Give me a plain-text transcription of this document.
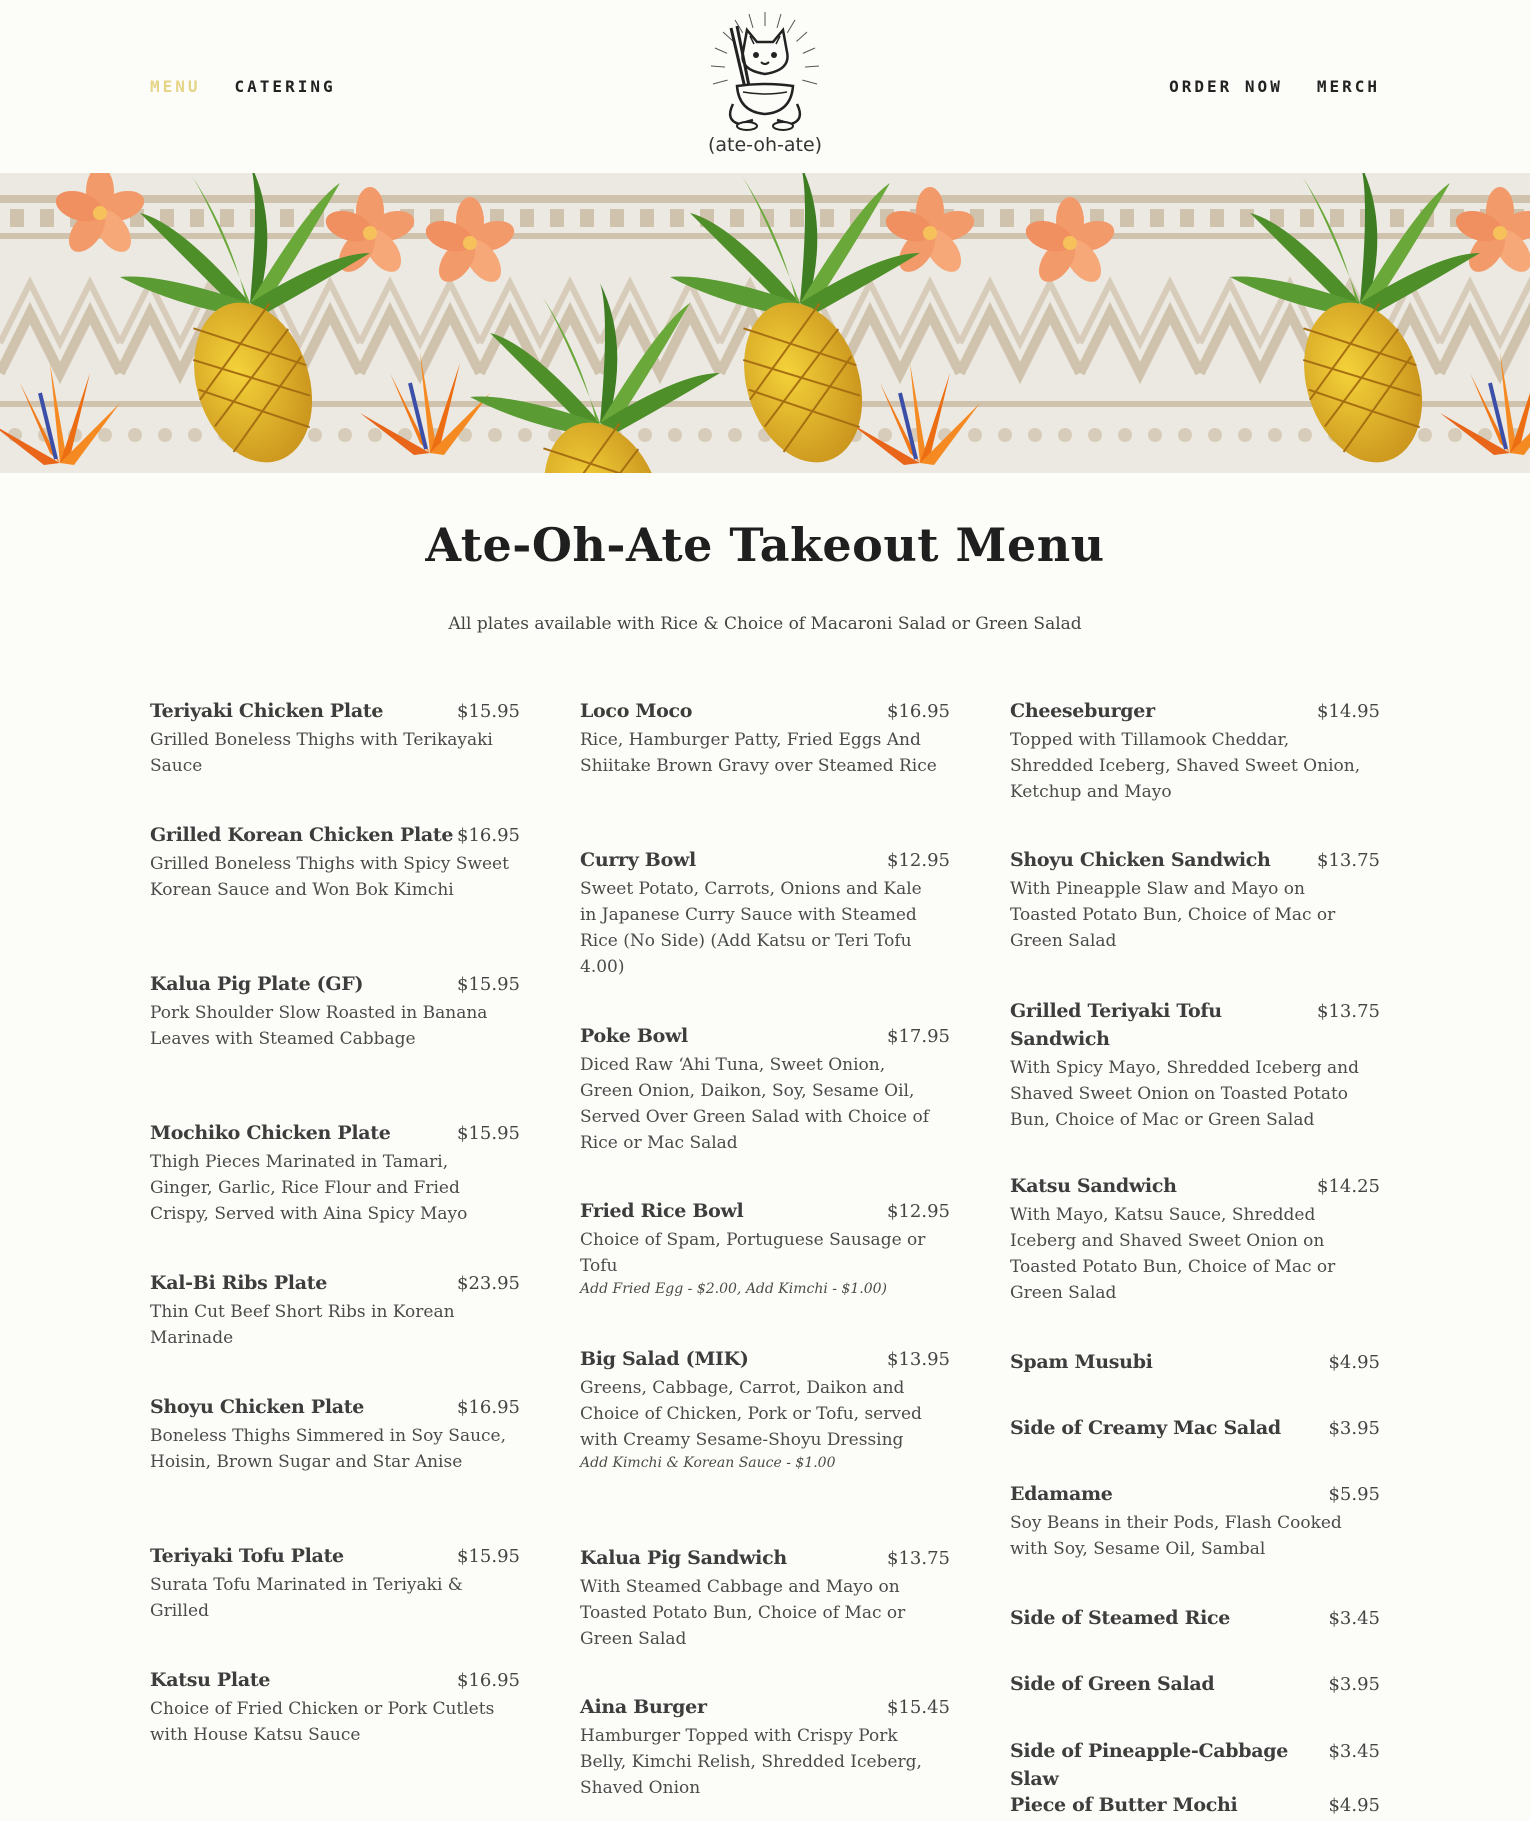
MENU CATERING
(ate-oh-ate)
ORDER NOW MERCH
Ate-Oh-Ate Takeout Menu

All plates available with Rice & Choice of Macaroni Salad or Green Salad

Teriyaki Chicken Plate	$15.95
Grilled Boneless Thighs with Terikayaki Sauce
Grilled Korean Chicken Plate $16.95
Grilled Boneless Thighs with Spicy Sweet Korean Sauce and Won Bok Kimchi
Kalua Pig Plate (GF)	$15.95
Pork Shoulder Slow Roasted in Banana Leaves with Steamed Cabbage
Mochiko Chicken Plate	$15.95
Thigh Pieces Marinated in Tamari, Ginger, Garlic, Rice Flour and Fried Crispy, Served with Aina Spicy Mayo
Kal-Bi Ribs Plate	$23.95
Thin Cut Beef Short Ribs in Korean Marinade
Shoyu Chicken Plate	$16.95
Boneless Thighs Simmered in Soy Sauce, Hoisin, Brown Sugar and Star Anise
Teriyaki Tofu Plate	$15.95
Surata Tofu Marinated in Teriyaki & Grilled
Katsu Plate	$16.95
Choice of Fried Chicken or Pork Cutlets with House Katsu Sauce
Loco Moco	$16.95
Rice, Hamburger Patty, Fried Eggs And Shiitake Brown Gravy over Steamed Rice
Curry Bowl	$12.95
Sweet Potato, Carrots, Onions and Kale in Japanese Curry Sauce with Steamed Rice (No Side) (Add Katsu or Teri Tofu 4.00)
Poke Bowl	$17.95
Diced Raw ‘Ahi Tuna, Sweet Onion, Green Onion, Daikon, Soy, Sesame Oil, Served Over Green Salad with Choice of Rice or Mac Salad
Fried Rice Bowl	$12.95
Choice of Spam, Portuguese Sausage or Tofu
Add Fried Egg - $2.00, Add Kimchi - $1.00)
Big Salad (MIK)	$13.95
Greens, Cabbage, Carrot, Daikon and Choice of Chicken, Pork or Tofu, served with Creamy Sesame-Shoyu Dressing
Add Kimchi & Korean Sauce - $1.00
Kalua Pig Sandwich	$13.75
With Steamed Cabbage and Mayo on Toasted Potato Bun, Choice of Mac or Green Salad
Aina Burger	$15.45
Hamburger Topped with Crispy Pork Belly, Kimchi Relish, Shredded Iceberg, Shaved Onion
Cheeseburger	$14.95
Topped with Tillamook Cheddar, Shredded Iceberg, Shaved Sweet Onion, Ketchup and Mayo
Shoyu Chicken Sandwich	$13.75
With Pineapple Slaw and Mayo on Toasted Potato Bun, Choice of Mac or Green Salad
Grilled Teriyaki Tofu Sandwich
$13.75
With Spicy Mayo, Shredded Iceberg and Shaved Sweet Onion on Toasted Potato Bun, Choice of Mac or Green Salad
Katsu Sandwich	$14.25
With Mayo, Katsu Sauce, Shredded Iceberg and Shaved Sweet Onion on Toasted Potato Bun, Choice of Mac or Green Salad
Spam Musubi	$4.95
Side of Creamy Mac Salad	$3.95
Edamame	$5.95
Soy Beans in their Pods, Flash Cooked with Soy, Sesame Oil, Sambal
Side of Steamed Rice	$3.45
Side of Green Salad	$3.95
Side of Pineapple-Cabbage Slaw
$3.45
Piece of Butter Mochi	$4.95
